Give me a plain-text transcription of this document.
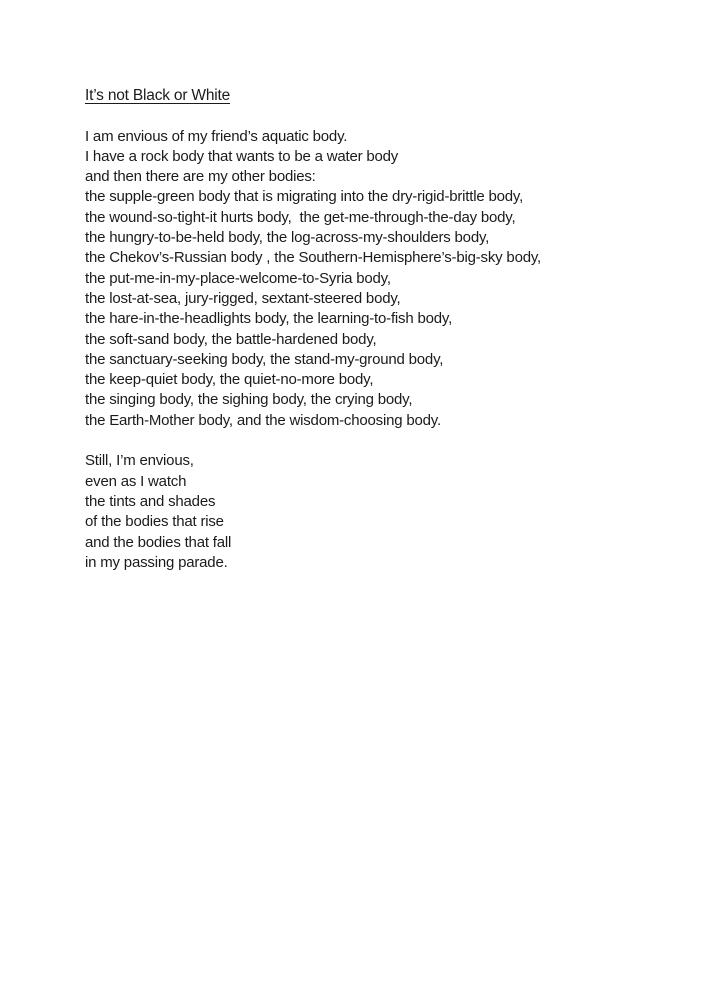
It’s not Black or White
I am envious of my friend’s aquatic body.
I have a rock body that wants to be a water body
and then there are my other bodies:
the supple-green body that is migrating into the dry-rigid-brittle body,
the wound-so-tight-it hurts body,  the get-me-through-the-day body,
the hungry-to-be-held body, the log-across-my-shoulders body,
the Chekov’s-Russian body , the Southern-Hemisphere’s-big-sky body,
the put-me-in-my-place-welcome-to-Syria body,
the lost-at-sea, jury-rigged, sextant-steered body,
the hare-in-the-headlights body, the learning-to-fish body,
the soft-sand body, the battle-hardened body,
the sanctuary-seeking body, the stand-my-ground body,
the keep-quiet body, the quiet-no-more body,
the singing body, the sighing body, the crying body,
the Earth-Mother body, and the wisdom-choosing body.
Still, I’m envious,
even as I watch
the tints and shades
of the bodies that rise
and the bodies that fall
in my passing parade.
